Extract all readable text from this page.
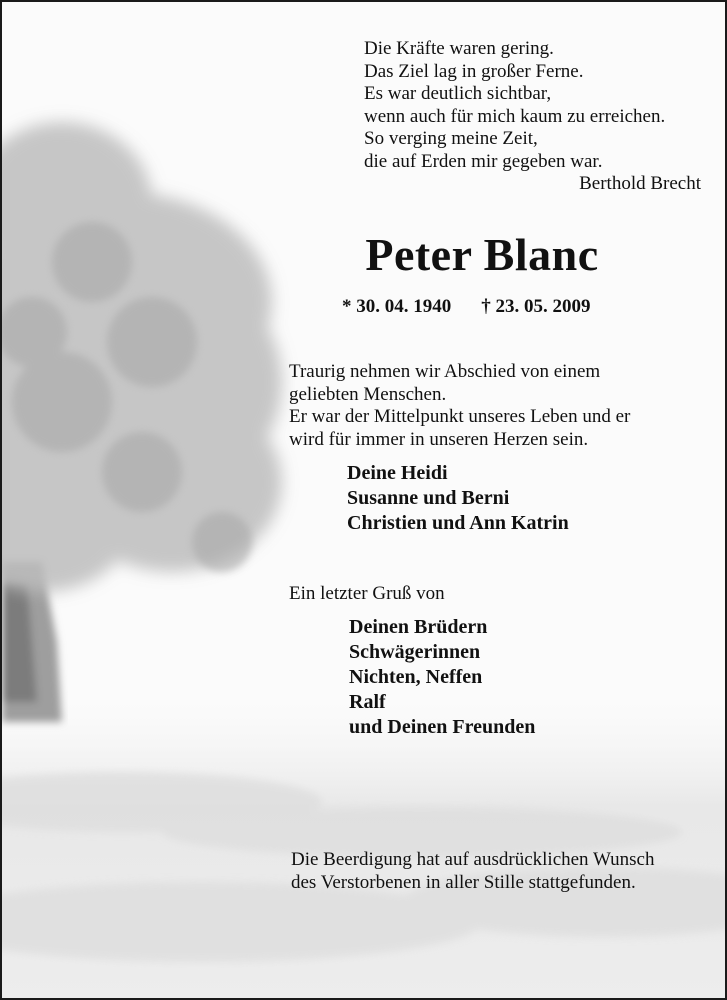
Die Kräfte waren gering.
Das Ziel lag in großer Ferne.
Es war deutlich sichtbar,
wenn auch für mich kaum zu erreichen.
So verging meine Zeit,
die auf Erden mir gegeben war.
Berthold Brecht
Peter Blanc
* 30. 04. 1940 † 23. 05. 2009
Traurig nehmen wir Abschied von einem
geliebten Menschen.
Er war der Mittelpunkt unseres Leben und er
wird für immer in unseren Herzen sein.
Deine Heidi
Susanne und Berni
Christien und Ann Katrin
Ein letzter Gruß von
Deinen Brüdern
Schwägerinnen
Nichten, Neffen
Ralf
und Deinen Freunden
Die Beerdigung hat auf ausdrücklichen Wunsch
des Verstorbenen in aller Stille stattgefunden.
